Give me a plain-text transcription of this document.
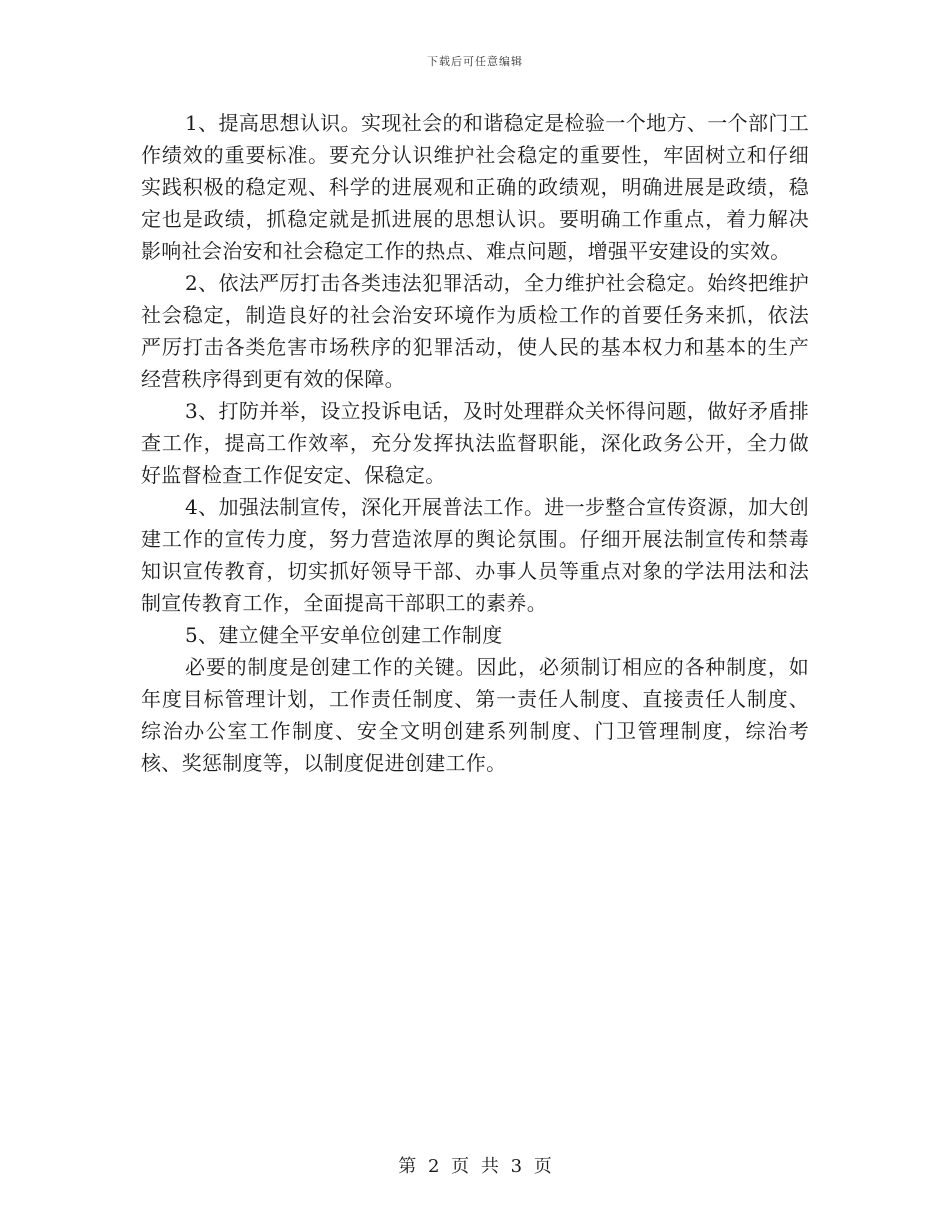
下载后可任意编辑

1、提高思想认识。实现社会的和谐稳定是检验一个地方、一个部门工作绩效的重要标准。要充分认识维护社会稳定的重要性，牢固树立和仔细实践积极的稳定观、科学的进展观和正确的政绩观，明确进展是政绩，稳定也是政绩，抓稳定就是抓进展的思想认识。要明确工作重点，着力解决影响社会治安和社会稳定工作的热点、难点问题，增强平安建设的实效。

2、依法严厉打击各类违法犯罪活动，全力维护社会稳定。始终把维护社会稳定，制造良好的社会治安环境作为质检工作的首要任务来抓，依法严厉打击各类危害市场秩序的犯罪活动，使人民的基本权力和基本的生产经营秩序得到更有效的保障。

3、打防并举，设立投诉电话，及时处理群众关怀得问题，做好矛盾排查工作，提高工作效率，充分发挥执法监督职能，深化政务公开，全力做好监督检查工作促安定、保稳定。

4、加强法制宣传，深化开展普法工作。进一步整合宣传资源，加大创建工作的宣传力度，努力营造浓厚的舆论氛围。仔细开展法制宣传和禁毒知识宣传教育，切实抓好领导干部、办事人员等重点对象的学法用法和法制宣传教育工作，全面提高干部职工的素养。

5、建立健全平安单位创建工作制度

必要的制度是创建工作的关键。因此，必须制订相应的各种制度，如年度目标管理计划，工作责任制度、第一责任人制度、直接责任人制度、综治办公室工作制度、安全文明创建系列制度、门卫管理制度，综治考核、奖惩制度等，以制度促进创建工作。

第 2 页 共 3 页
